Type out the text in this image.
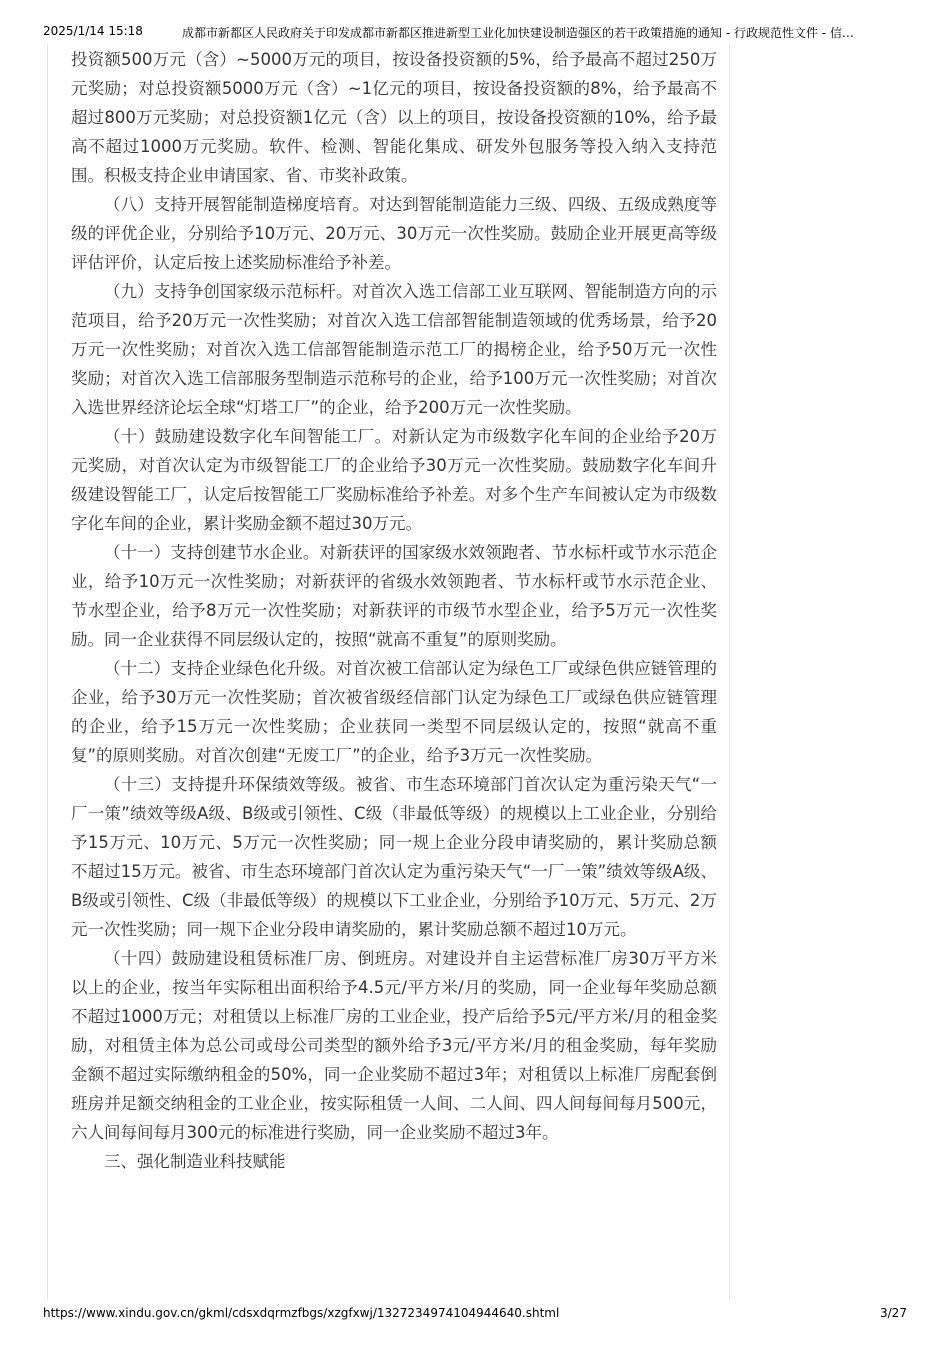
2025/1/14 15:18	成都市新都区人民政府关于印发成都市新都区推进新型工业化加快建设制造强区的若干政策措施的通知 - 行政规范性文件 - 信…

投资额500万元（含）~5000万元的项目，按设备投资额的5%，给予最高不超过250万元奖励；对总投资额5000万元（含）~1亿元的项目，按设备投资额的8%，给予最高不超过800万元奖励；对总投资额1亿元（含）以上的项目，按设备投资额的10%，给予最高不超过1000万元奖励。软件、检测、智能化集成、研发外包服务等投入纳入支持范围。积极支持企业申请国家、省、市奖补政策。

（八）支持开展智能制造梯度培育。对达到智能制造能力三级、四级、五级成熟度等级的评优企业，分别给予10万元、20万元、30万元一次性奖励。鼓励企业开展更高等级评估评价，认定后按上述奖励标准给予补差。

（九）支持争创国家级示范标杆。对首次入选工信部工业互联网、智能制造方向的示范项目，给予20万元一次性奖励；对首次入选工信部智能制造领域的优秀场景，给予20万元一次性奖励；对首次入选工信部智能制造示范工厂的揭榜企业，给予50万元一次性奖励；对首次入选工信部服务型制造示范称号的企业，给予100万元一次性奖励；对首次入选世界经济论坛全球“灯塔工厂”的企业，给予200万元一次性奖励。

（十）鼓励建设数字化车间智能工厂。对新认定为市级数字化车间的企业给予20万元奖励，对首次认定为市级智能工厂的企业给予30万元一次性奖励。鼓励数字化车间升级建设智能工厂，认定后按智能工厂奖励标准给予补差。对多个生产车间被认定为市级数字化车间的企业，累计奖励金额不超过30万元。

（十一）支持创建节水企业。对新获评的国家级水效领跑者、节水标杆或节水示范企业，给予10万元一次性奖励；对新获评的省级水效领跑者、节水标杆或节水示范企业、节水型企业，给予8万元一次性奖励；对新获评的市级节水型企业，给予5万元一次性奖励。同一企业获得不同层级认定的，按照“就高不重复”的原则奖励。

（十二）支持企业绿色化升级。对首次被工信部认定为绿色工厂或绿色供应链管理的企业，给予30万元一次性奖励；首次被省级经信部门认定为绿色工厂或绿色供应链管理的企业，给予15万元一次性奖励；企业获同一类型不同层级认定的，按照“就高不重复”的原则奖励。对首次创建“无废工厂”的企业，给予3万元一次性奖励。

（十三）支持提升环保绩效等级。被省、市生态环境部门首次认定为重污染天气“一厂一策”绩效等级A级、B级或引领性、C级（非最低等级）的规模以上工业企业，分别给予15万元、10万元、5万元一次性奖励；同一规上企业分段申请奖励的，累计奖励总额不超过15万元。被省、市生态环境部门首次认定为重污染天气“一厂一策”绩效等级A级、B级或引领性、C级（非最低等级）的规模以下工业企业，分别给予10万元、5万元、2万元一次性奖励；同一规下企业分段申请奖励的，累计奖励总额不超过10万元。

（十四）鼓励建设租赁标准厂房、倒班房。对建设并自主运营标准厂房30万平方米以上的企业，按当年实际租出面积给予4.5元/平方米/月的奖励，同一企业每年奖励总额不超过1000万元；对租赁以上标准厂房的工业企业，投产后给予5元/平方米/月的租金奖励，对租赁主体为总公司或母公司类型的额外给予3元/平方米/月的租金奖励，每年奖励金额不超过实际缴纳租金的50%，同一企业奖励不超过3年；对租赁以上标准厂房配套倒班房并足额交纳租金的工业企业，按实际租赁一人间、二人间、四人间每间每月500元，六人间每间每月300元的标准进行奖励，同一企业奖励不超过3年。

三、强化制造业科技赋能

https://www.xindu.gov.cn/gkml/cdsxdqrmzfbgs/xzgfxwj/1327234974104944640.shtml	3/27
